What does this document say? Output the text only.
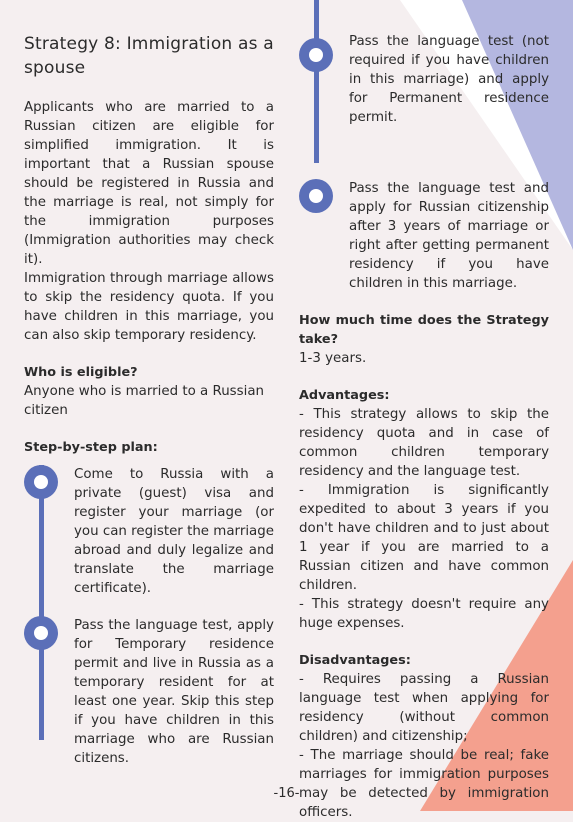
Strategy 8: Immigration as a spouse

Applicants who are married to a Russian citizen are eligible for simplified immigration. It is important that a Russian spouse should be registered in Russia and the marriage is real, not simply for the immigration purposes (Immigration authorities may check it).

Immigration through marriage allows to skip the residency quota. If you have children in this marriage, you can also skip temporary residency.

Who is eligible?

Anyone who is married to a Russian citizen

Step-by-step plan:

Come to Russia with a private (guest) visa and register your marriage (or you can register the marriage abroad and duly legalize and translate the marriage certificate).
Pass the language test, apply for Temporary residence permit and live in Russia as a temporary resident for at least one year. Skip this step if you have children in this marriage who are Russian citizens.
Pass the language test (not required if you have children in this marriage) and apply for Permanent residence permit.
Pass the language test and apply for Russian citizenship after 3 years of marriage or right after getting permanent residency if you have children in this marriage.

How much time does the Strategy take?

1-3 years.

Advantages:

- This strategy allows to skip the residency quota and in case of common children temporary residency and the language test.

- Immigration is significantly expedited to about 3 years if you don't have children and to just about 1 year if you are married to a Russian citizen and have common children.

- This strategy doesn't require any huge expenses.

Disadvantages:

- Requires passing a Russian language test when applying for residency (without common children) and citizenship;

- The marriage should be real; fake marriages for immigration purposes may be detected by immigration officers.

-16-
